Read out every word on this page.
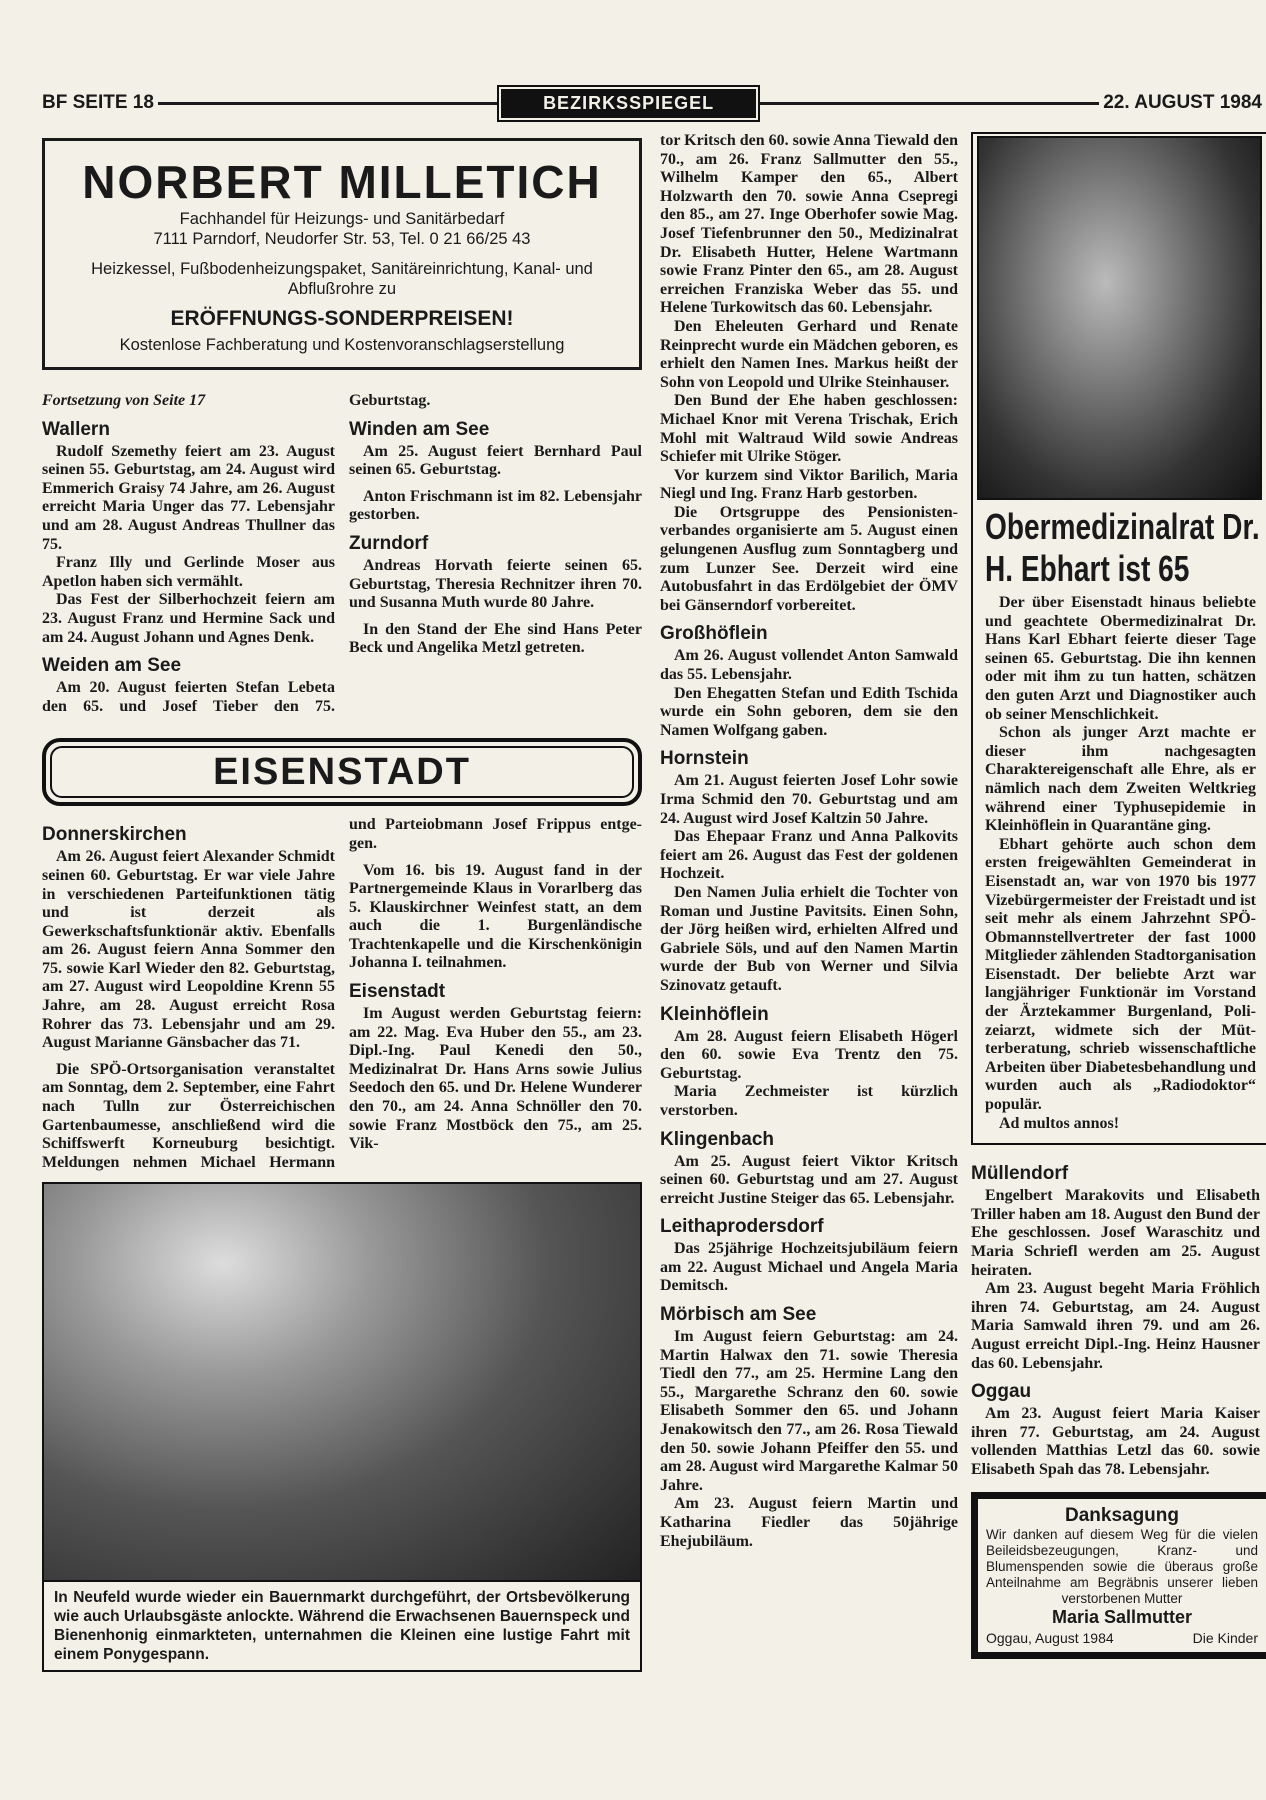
BF SEITE 18	BEZIRKSSPIEGEL	22. AUGUST 1984
NORBERT MILLETICH
Fachhandel für Heizungs- und Sanitärbedarf
7111 Parndorf, Neudorfer Str. 53, Tel. 0 21 66/25 43
Heizkessel, Fußbodenheizungspaket, Sanitäreinrichtung, Kanal- und Abflußrohre zu
ERÖFFNUNGS-SONDERPREISEN!
Kostenlose Fachberatung und Kostenvoranschlagserstellung

Fortsetzung von Seite 17

Wallern

Rudolf Szemethy feiert am 23. August seinen 55. Geburtstag, am 24. August wird Emmerich Graisy 74 Jahre, am 26. August erreicht Maria Unger das 77. Lebensjahr und am 28. August Andreas Thullner das 75.

Franz Illy und Gerlinde Moser aus Apetlon haben sich vermählt.

Das Fest der Silberhochzeit feiern am 23. August Franz und Hermine Sack und am 24. August Johann und Agnes Denk.

Weiden am See

Am 20. August feierten Stefan Lebeta den 65. und Josef Tieber den 75. Geburtstag.

Winden am See

Am 25. August feiert Bernhard Paul seinen 65. Geburtstag.

Anton Frischmann ist im 82. Lebensjahr gestorben.

Zurndorf

Andreas Horvath feierte seinen 65. Geburtstag, Theresia Rechnitzer ihren 70. und Susanna Muth wurde 80 Jahre.

In den Stand der Ehe sind Hans Peter Beck und Angelika Metzl getreten.

EISENSTADT
Donnerskirchen

Am 26. August feiert Alexander Schmidt seinen 60. Geburtstag. Er war viele Jahre in verschiedenen Parteifunktionen tätig und ist derzeit als Gewerkschaftsfunktionär aktiv. Ebenfalls am 26. August feiern Anna Sommer den 75. sowie Karl Wieder den 82. Geburtstag, am 27. August wird Leopoldine Krenn 55 Jahre, am 28. August erreicht Rosa Rohrer das 73. Lebensjahr und am 29. August Marianne Gänsbacher das 71.

Die SPÖ-Ortsorganisation veranstaltet am Sonntag, dem 2. September, eine Fahrt nach Tulln zur Österreichischen Gartenbaumesse, anschließend wird die Schiffswerft Korneuburg besichtigt. Meldungen nehmen Michael Hermann und Parteiobmann Josef Frippus entgegen.

Vom 16. bis 19. August fand in der Partnergemeinde Klaus in Vorarlberg das 5. Klauskirchner Weinfest statt, an dem auch die 1. Burgenländische Trachtenkapelle und die Kirschenkönigin Johanna I. teilnahmen.

Eisenstadt

Im August werden Geburtstag feiern: am 22. Mag. Eva Huber den 55., am 23. Dipl.-Ing. Paul Kenedi den 50., Medizinalrat Dr. Hans Arns sowie Julius Seedoch den 65. und Dr. Helene Wunderer den 70., am 24. Anna Schnöller den 70. sowie Franz Mostböck den 75., am 25. Vik-

In Neufeld wurde wieder ein Bauernmarkt durchgeführt, der Ortsbevölkerung wie auch Urlaubsgäste anlockte. Während die Erwachsenen Bauernspeck und Bienenhonig einmarkteten, unternahmen die Kleinen eine lustige Fahrt mit einem Ponygespann.

tor Kritsch den 60. sowie Anna Tiewald den 70., am 26. Franz Sallmutter den 55., Wilhelm Kamper den 65., Albert Holzwarth den 70. sowie Anna Csepregi den 85., am 27. Inge Oberhofer sowie Mag. Josef Tiefenbrunner den 50., Medizinalrat Dr. Elisabeth Hutter, Helene Wartmann sowie Franz Pinter den 65., am 28. August erreichen Franziska Weber das 55. und Helene Turkowitsch das 60. Lebensjahr.

Den Eheleuten Gerhard und Renate Reinprecht wurde ein Mädchen geboren, es erhielt den Namen Ines. Markus heißt der Sohn von Leopold und Ulrike Steinhauser.

Den Bund der Ehe haben geschlossen: Michael Knor mit Verena Trischak, Erich Mohl mit Waltraud Wild sowie Andreas Schiefer mit Ulrike Stöger.

Vor kurzem sind Viktor Barilich, Maria Niegl und Ing. Franz Harb gestorben.

Die Ortsgruppe des Pensionistenverbandes organisierte am 5. August einen gelungenen Ausflug zum Sonntagberg und zum Lunzer See. Derzeit wird eine Autobusfahrt in das Erdölgebiet der ÖMV bei Gänserndorf vorbereitet.

Großhöflein

Am 26. August vollendet Anton Samwald das 55. Lebensjahr.

Den Ehegatten Stefan und Edith Tschida wurde ein Sohn geboren, dem sie den Namen Wolfgang gaben.

Hornstein

Am 21. August feierten Josef Lohr sowie Irma Schmid den 70. Geburtstag und am 24. August wird Josef Kaltzin 50 Jahre.

Das Ehepaar Franz und Anna Palkovits feiert am 26. August das Fest der goldenen Hochzeit.

Den Namen Julia erhielt die Tochter von Roman und Justine Pavitsits. Einen Sohn, der Jörg heißen wird, erhielten Alfred und Gabriele Söls, und auf den Namen Martin wurde der Bub von Werner und Silvia Szinovatz getauft.

Kleinhöflein

Am 28. August feiern Elisabeth Högerl den 60. sowie Eva Trentz den 75. Geburtstag.

Maria Zechmeister ist kürzlich verstorben.

Klingenbach

Am 25. August feiert Viktor Kritsch seinen 60. Geburtstag und am 27. August erreicht Justine Steiger das 65. Lebensjahr.

Leithaprodersdorf

Das 25jährige Hochzeitsjubiläum feiern am 22. August Michael und Angela Maria Demitsch.

Mörbisch am See

Im August feiern Geburtstag: am 24. Martin Halwax den 71. sowie Theresia Tiedl den 77., am 25. Hermine Lang den 55., Margarethe Schranz den 60. sowie Elisabeth Sommer den 65. und Johann Jenakowitsch den 77., am 26. Rosa Tiewald den 50. sowie Johann Pfeiffer den 55. und am 28. August wird Margarethe Kalmar 50 Jahre.

Am 23. August feiern Martin und Katharina Fiedler das 50jährige Ehejubiläum.

Obermedizinalrat Dr. H. Ebhart ist 65

Der über Eisenstadt hinaus beliebte und geachtete Obermedizinalrat Dr. Hans Karl Ebhart feierte dieser Tage seinen 65. Geburtstag. Die ihn kennen oder mit ihm zu tun hatten, schätzen den guten Arzt und Diagnostiker auch ob seiner Menschlichkeit.

Schon als junger Arzt machte er dieser ihm nachgesagten Charaktereigenschaft alle Ehre, als er nämlich nach dem Zweiten Weltkrieg während einer Typhusepidemie in Kleinhöflein in Quarantäne ging.

Ebhart gehörte auch schon dem ersten freigewählten Gemeinderat in Eisenstadt an, war von 1970 bis 1977 Vizebürgermeister der Freistadt und ist seit mehr als einem Jahrzehnt SPÖ-Obmannstellvertreter der fast 1000 Mitglieder zählenden Stadtorganisation Eisenstadt. Der beliebte Arzt war langjähriger Funktionär im Vorstand der Ärztekammer Burgenland, Polizeiarzt, widmete sich der Mütterberatung, schrieb wissenschaftliche Arbeiten über Diabetesbehandlung und wurden auch als „Radiodoktor“ populär.

Ad multos annos!

Müllendorf

Engelbert Marakovits und Elisabeth Triller haben am 18. August den Bund der Ehe geschlossen. Josef Waraschitz und Maria Schriefl werden am 25. August heiraten.

Am 23. August begeht Maria Fröhlich ihren 74. Geburtstag, am 24. August Maria Samwald ihren 79. und am 26. August erreicht Dipl.-Ing. Heinz Hausner das 60. Lebensjahr.

Oggau

Am 23. August feiert Maria Kaiser ihren 77. Geburtstag, am 24. August vollenden Matthias Letzl das 60. sowie Elisabeth Spah das 78. Lebensjahr.

Danksagung
Wir danken auf diesem Weg für die vielen Beileidsbezeugungen, Kranz- und Blumenspenden sowie die überaus große Anteilnahme am Begräbnis unserer lieben verstorbenen Mutter
Maria Sallmutter
Oggau, August 1984	Die Kinder
